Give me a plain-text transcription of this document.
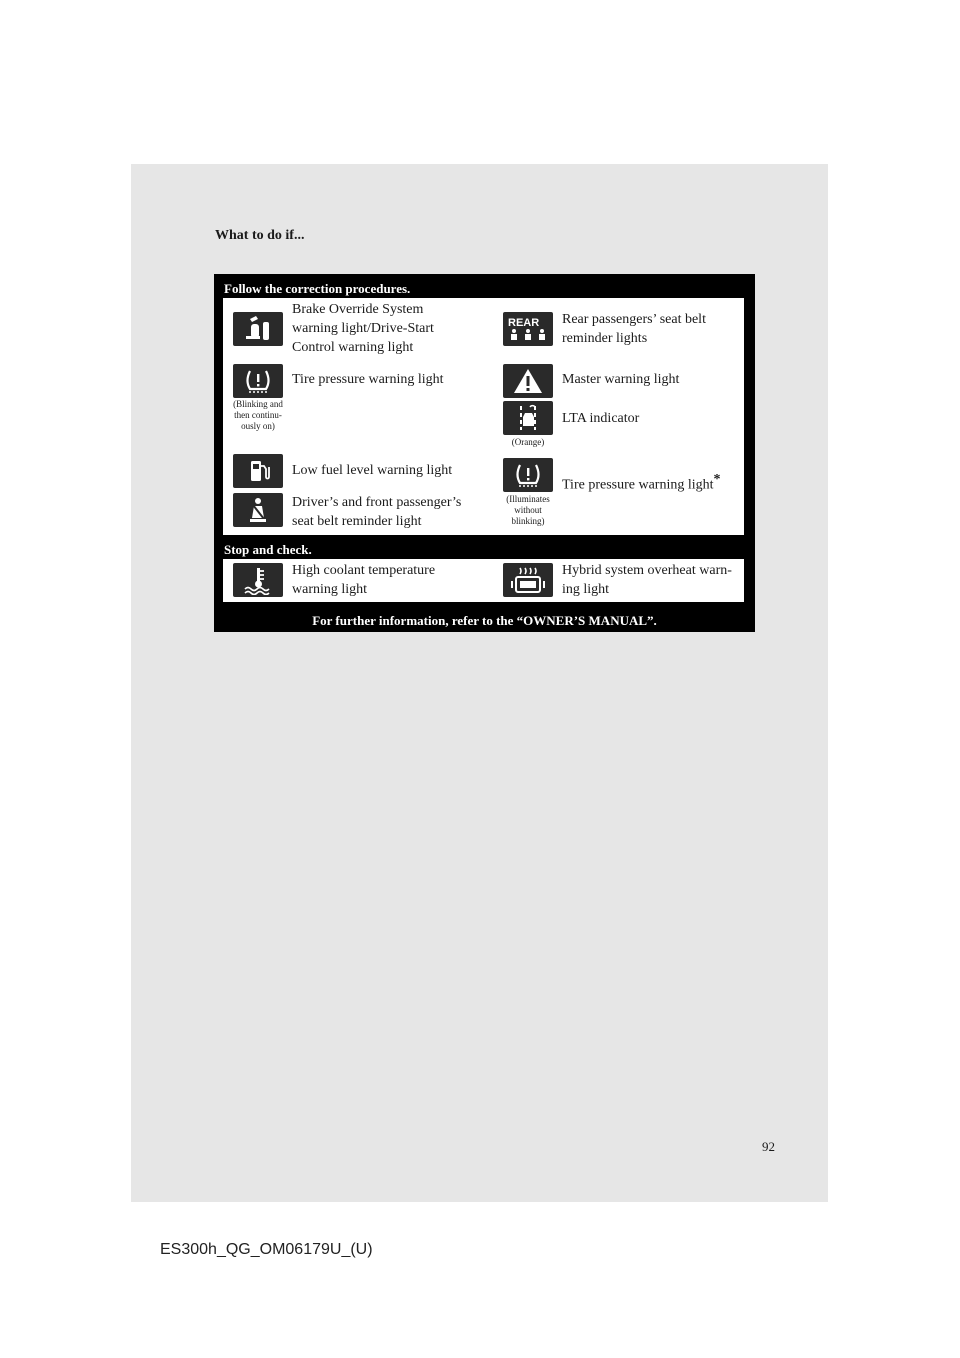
What to do if...
Follow the correction procedures.
Brake Override System warning light/Drive-Start Control warning light
REAR Rear passengers’ seat belt reminder lights
(Blinking and then continu- ously on)
Tire pressure warning light	Master warning light
(Orange)
LTA indicator
Low fuel level warning light
(Illuminates without blinking)
Tire pressure warning light*
Driver’s and front passenger’s seat belt reminder light
Stop and check.
High coolant temperature warning light
Hybrid system overheat warn- ing light
For further information, refer to the “OWNER’S MANUAL”.
92
ES300h_QG_OM06179U_(U)
